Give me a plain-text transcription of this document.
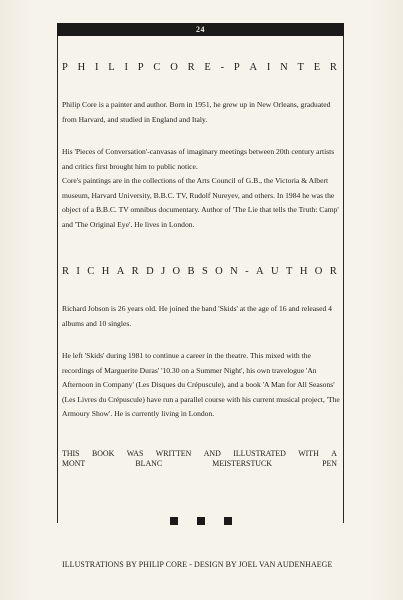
24
P H I L I P C O R E - P A I N T E R

Philip Core is a painter and author. Born in 1951, he grew up in New Orleans, graduated from Harvard, and studied in England and Italy.

His 'Pieces of Conversation'-canvasas of imaginary meetings between 20th century artists and critics first brought him to public notice.

Core's paintings are in the collections of the Arts Council of G.B., the Victoria & Albert museum, Harvard University, B.B.C. TV, Rudolf Nureyev, and others. In 1984 he was the object of a B.B.C. TV omnibus documentary. Author of 'The Lie that tells the Truth: Camp' and 'The Original Eye'. He lives in London.

R I C H A R D J O B S O N - A U T H O R

Richard Jobson is 26 years old. He joined the band 'Skids' at the age of 16 and released 4 albums and 10 singles.

He left 'Skids' during 1981 to continue a career in the theatre. This mixed with the recordings of Marguerite Duras' '10.30 on a Summer Night', his own travelogue 'An Afternoon in Company' (Les Disques du Crépuscule), and a book 'A Man for All Seasons' (Les Livres du Crépuscule) have run a parallel course with his current musical project, 'The Armoury Show'. He is currently living in London.

THIS BOOK WAS WRITTEN AND ILLUSTRATED WITH A
MONT	BLANC	MEISTERSTUCK	PEN
ILLUSTRATIONS BY PHILIP CORE - DESIGN BY JOEL VAN AUDENHAEGE
